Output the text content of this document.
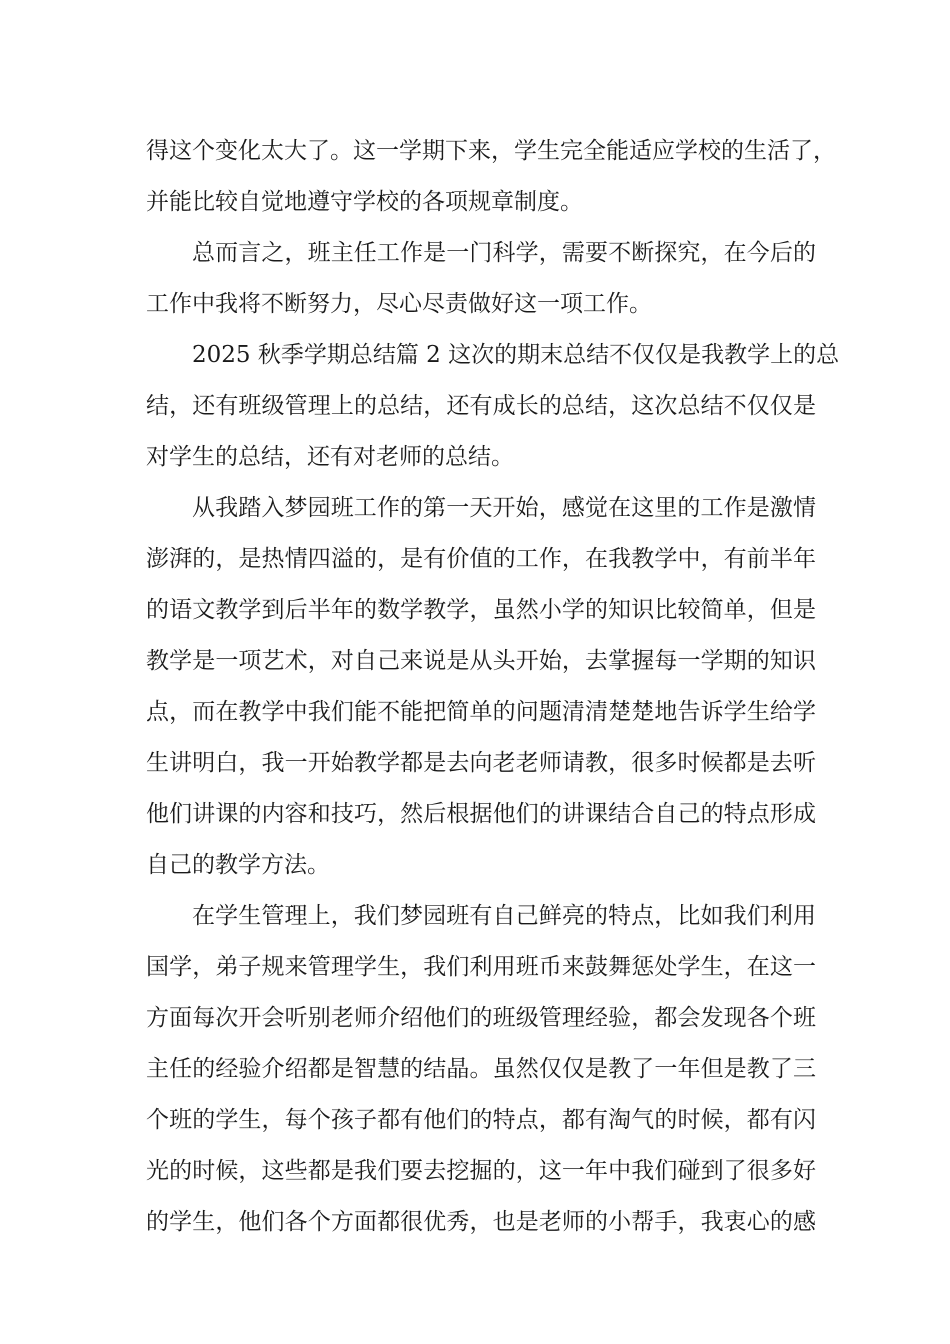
得这个变化太大了。这一学期下来，学生完全能适应学校的生活了，
并能比较自觉地遵守学校的各项规章制度。
总而言之，班主任工作是一门科学，需要不断探究，在今后的
工作中我将不断努力，尽心尽责做好这一项工作。
2025 秋季学期总结篇 2 这次的期末总结不仅仅是我教学上的总
结，还有班级管理上的总结，还有成长的总结，这次总结不仅仅是
对学生的总结，还有对老师的总结。
从我踏入梦园班工作的第一天开始，感觉在这里的工作是激情
澎湃的，是热情四溢的，是有价值的工作，在我教学中，有前半年
的语文教学到后半年的数学教学，虽然小学的知识比较简单，但是
教学是一项艺术，对自己来说是从头开始，去掌握每一学期的知识
点，而在教学中我们能不能把简单的问题清清楚楚地告诉学生给学
生讲明白，我一开始教学都是去向老老师请教，很多时候都是去听
他们讲课的内容和技巧，然后根据他们的讲课结合自己的特点形成
自己的教学方法。
在学生管理上，我们梦园班有自己鲜亮的特点，比如我们利用
国学，弟子规来管理学生，我们利用班币来鼓舞惩处学生，在这一
方面每次开会听别老师介绍他们的班级管理经验，都会发现各个班
主任的经验介绍都是智慧的结晶。虽然仅仅是教了一年但是教了三
个班的学生，每个孩子都有他们的特点，都有淘气的时候，都有闪
光的时候，这些都是我们要去挖掘的，这一年中我们碰到了很多好
的学生，他们各个方面都很优秀，也是老师的小帮手，我衷心的感
